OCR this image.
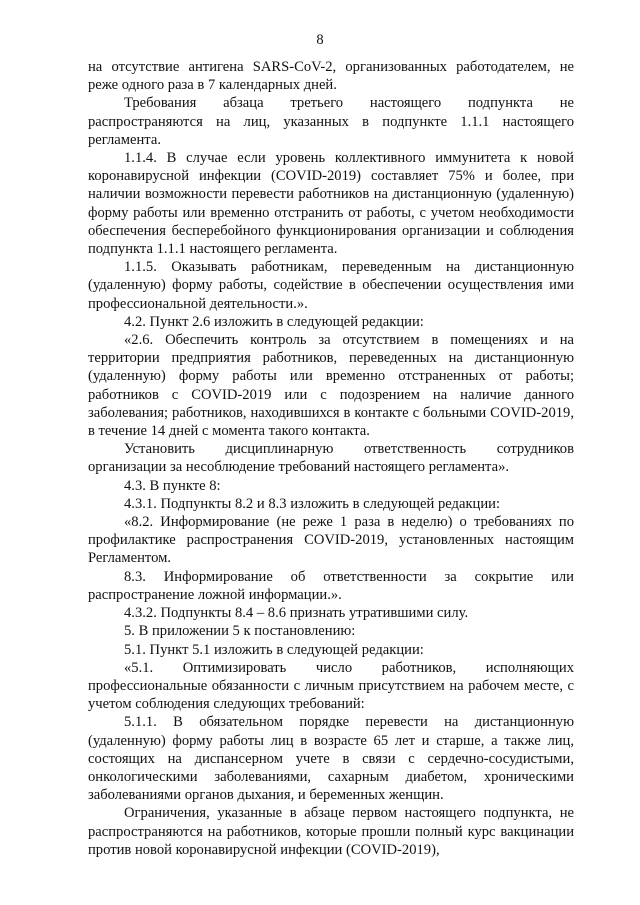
8

на отсутствие антигена SARS-CoV-2, организованных работодателем, не реже одного раза в 7 календарных дней.

Требования абзаца третьего настоящего подпункта не распространяются на лиц, указанных в подпункте 1.1.1 настоящего регламента.

1.1.4. В случае если уровень коллективного иммунитета к новой коронавирусной инфекции (COVID-2019) составляет 75% и более, при наличии возможности перевести работников на дистанционную (удаленную) форму работы или временно отстранить от работы, с учетом необходимости обеспечения бесперебойного функционирования организации и соблюдения подпункта 1.1.1 настоящего регламента.

1.1.5. Оказывать работникам, переведенным на дистанционную (удаленную) форму работы, содействие в обеспечении осуществления ими профессиональной деятельности.».

4.2. Пункт 2.6 изложить в следующей редакции:

«2.6. Обеспечить контроль за отсутствием в помещениях и на территории предприятия работников, переведенных на дистанционную (удаленную) форму работы или временно отстраненных от работы; работников с COVID-2019 или с подозрением на наличие данного заболевания; работников, находившихся в контакте с больными COVID-2019, в течение 14 дней с момента такого контакта.

Установить дисциплинарную ответственность сотрудников организации за несоблюдение требований настоящего регламента».

4.3. В пункте 8:

4.3.1. Подпункты 8.2 и 8.3 изложить в следующей редакции:

«8.2. Информирование (не реже 1 раза в неделю) о требованиях по профилактике распространения COVID-2019, установленных настоящим Регламентом.

8.3. Информирование об ответственности за сокрытие или распространение ложной информации.».

4.3.2. Подпункты 8.4 – 8.6 признать утратившими силу.

5. В приложении 5 к постановлению:

5.1. Пункт 5.1 изложить в следующей редакции:

«5.1. Оптимизировать число работников, исполняющих профессиональные обязанности с личным присутствием на рабочем месте, с учетом соблюдения следующих требований:

5.1.1. В обязательном порядке перевести на дистанционную (удаленную) форму работы лиц в возрасте 65 лет и старше, а также лиц, состоящих на диспансерном учете в связи с сердечно-сосудистыми, онкологическими заболеваниями, сахарным диабетом, хроническими заболеваниями органов дыхания, и беременных женщин.

Ограничения, указанные в абзаце первом настоящего подпункта, не распространяются на работников, которые прошли полный курс вакцинации против новой коронавирусной инфекции (COVID-2019),
